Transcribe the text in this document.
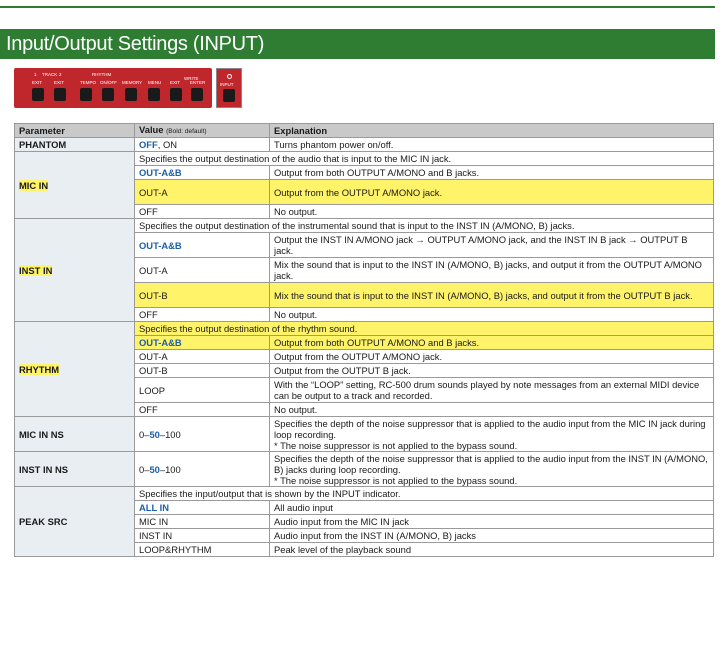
Input/Output Settings (INPUT)
1 TRACK 2	RHYTHM
WRITE
EXIT	EXIT	TEMPO ON/OFF MEMORY MENU EXIT ENTER	INPUT
Parameter	Value (Bold: default)	Explanation
PHANTOM	OFF, ON	Turns phantom power on/off.
MIC IN	Specifies the output destination of the audio that is input to the MIC IN jack.	
	OUT-A&B	Output from both OUTPUT A/MONO and B jacks.
	OUT-A	Output from the OUTPUT A/MONO jack.
	OFF	No output.
INST IN	Specifies the output destination of the instrumental sound that is input to the INST IN (A/MONO, B) jacks.	
	OUT-A&B	Output the INST IN A/MONO jack → OUTPUT A/MONO jack, and the INST IN B jack → OUTPUT B jack.
	OUT-A	Mix the sound that is input to the INST IN (A/MONO, B) jacks, and output it from the OUTPUT A/MONO jack.
	OUT-B	Mix the sound that is input to the INST IN (A/MONO, B) jacks, and output it from the OUTPUT B jack.
	OFF	No output.
RHYTHM	Specifies the output destination of the rhythm sound.	
	OUT-A&B	Output from both OUTPUT A/MONO and B jacks.
	OUT-A	Output from the OUTPUT A/MONO jack.
	OUT-B	Output from the OUTPUT B jack.
	LOOP	With the “LOOP” setting, RC-500 drum sounds played by note messages from an external MIDI device can be output to a track and recorded.
	OFF	No output.
MIC IN NS	0–50–100	Specifies the depth of the noise suppressor that is applied to the audio input from the MIC IN jack during loop recording.
* The noise suppressor is not applied to the bypass sound.

INST IN NS	0–50–100	Specifies the depth of the noise suppressor that is applied to the audio input from the INST IN (A/MONO, B) jacks during loop recording.
* The noise suppressor is not applied to the bypass sound.

PEAK SRC	Specifies the input/output that is shown by the INPUT indicator.	
	ALL IN	All audio input
	MIC IN	Audio input from the MIC IN jack
	INST IN	Audio input from the INST IN (A/MONO, B) jacks
	LOOP&RHYTHM	Peak level of the playback sound
